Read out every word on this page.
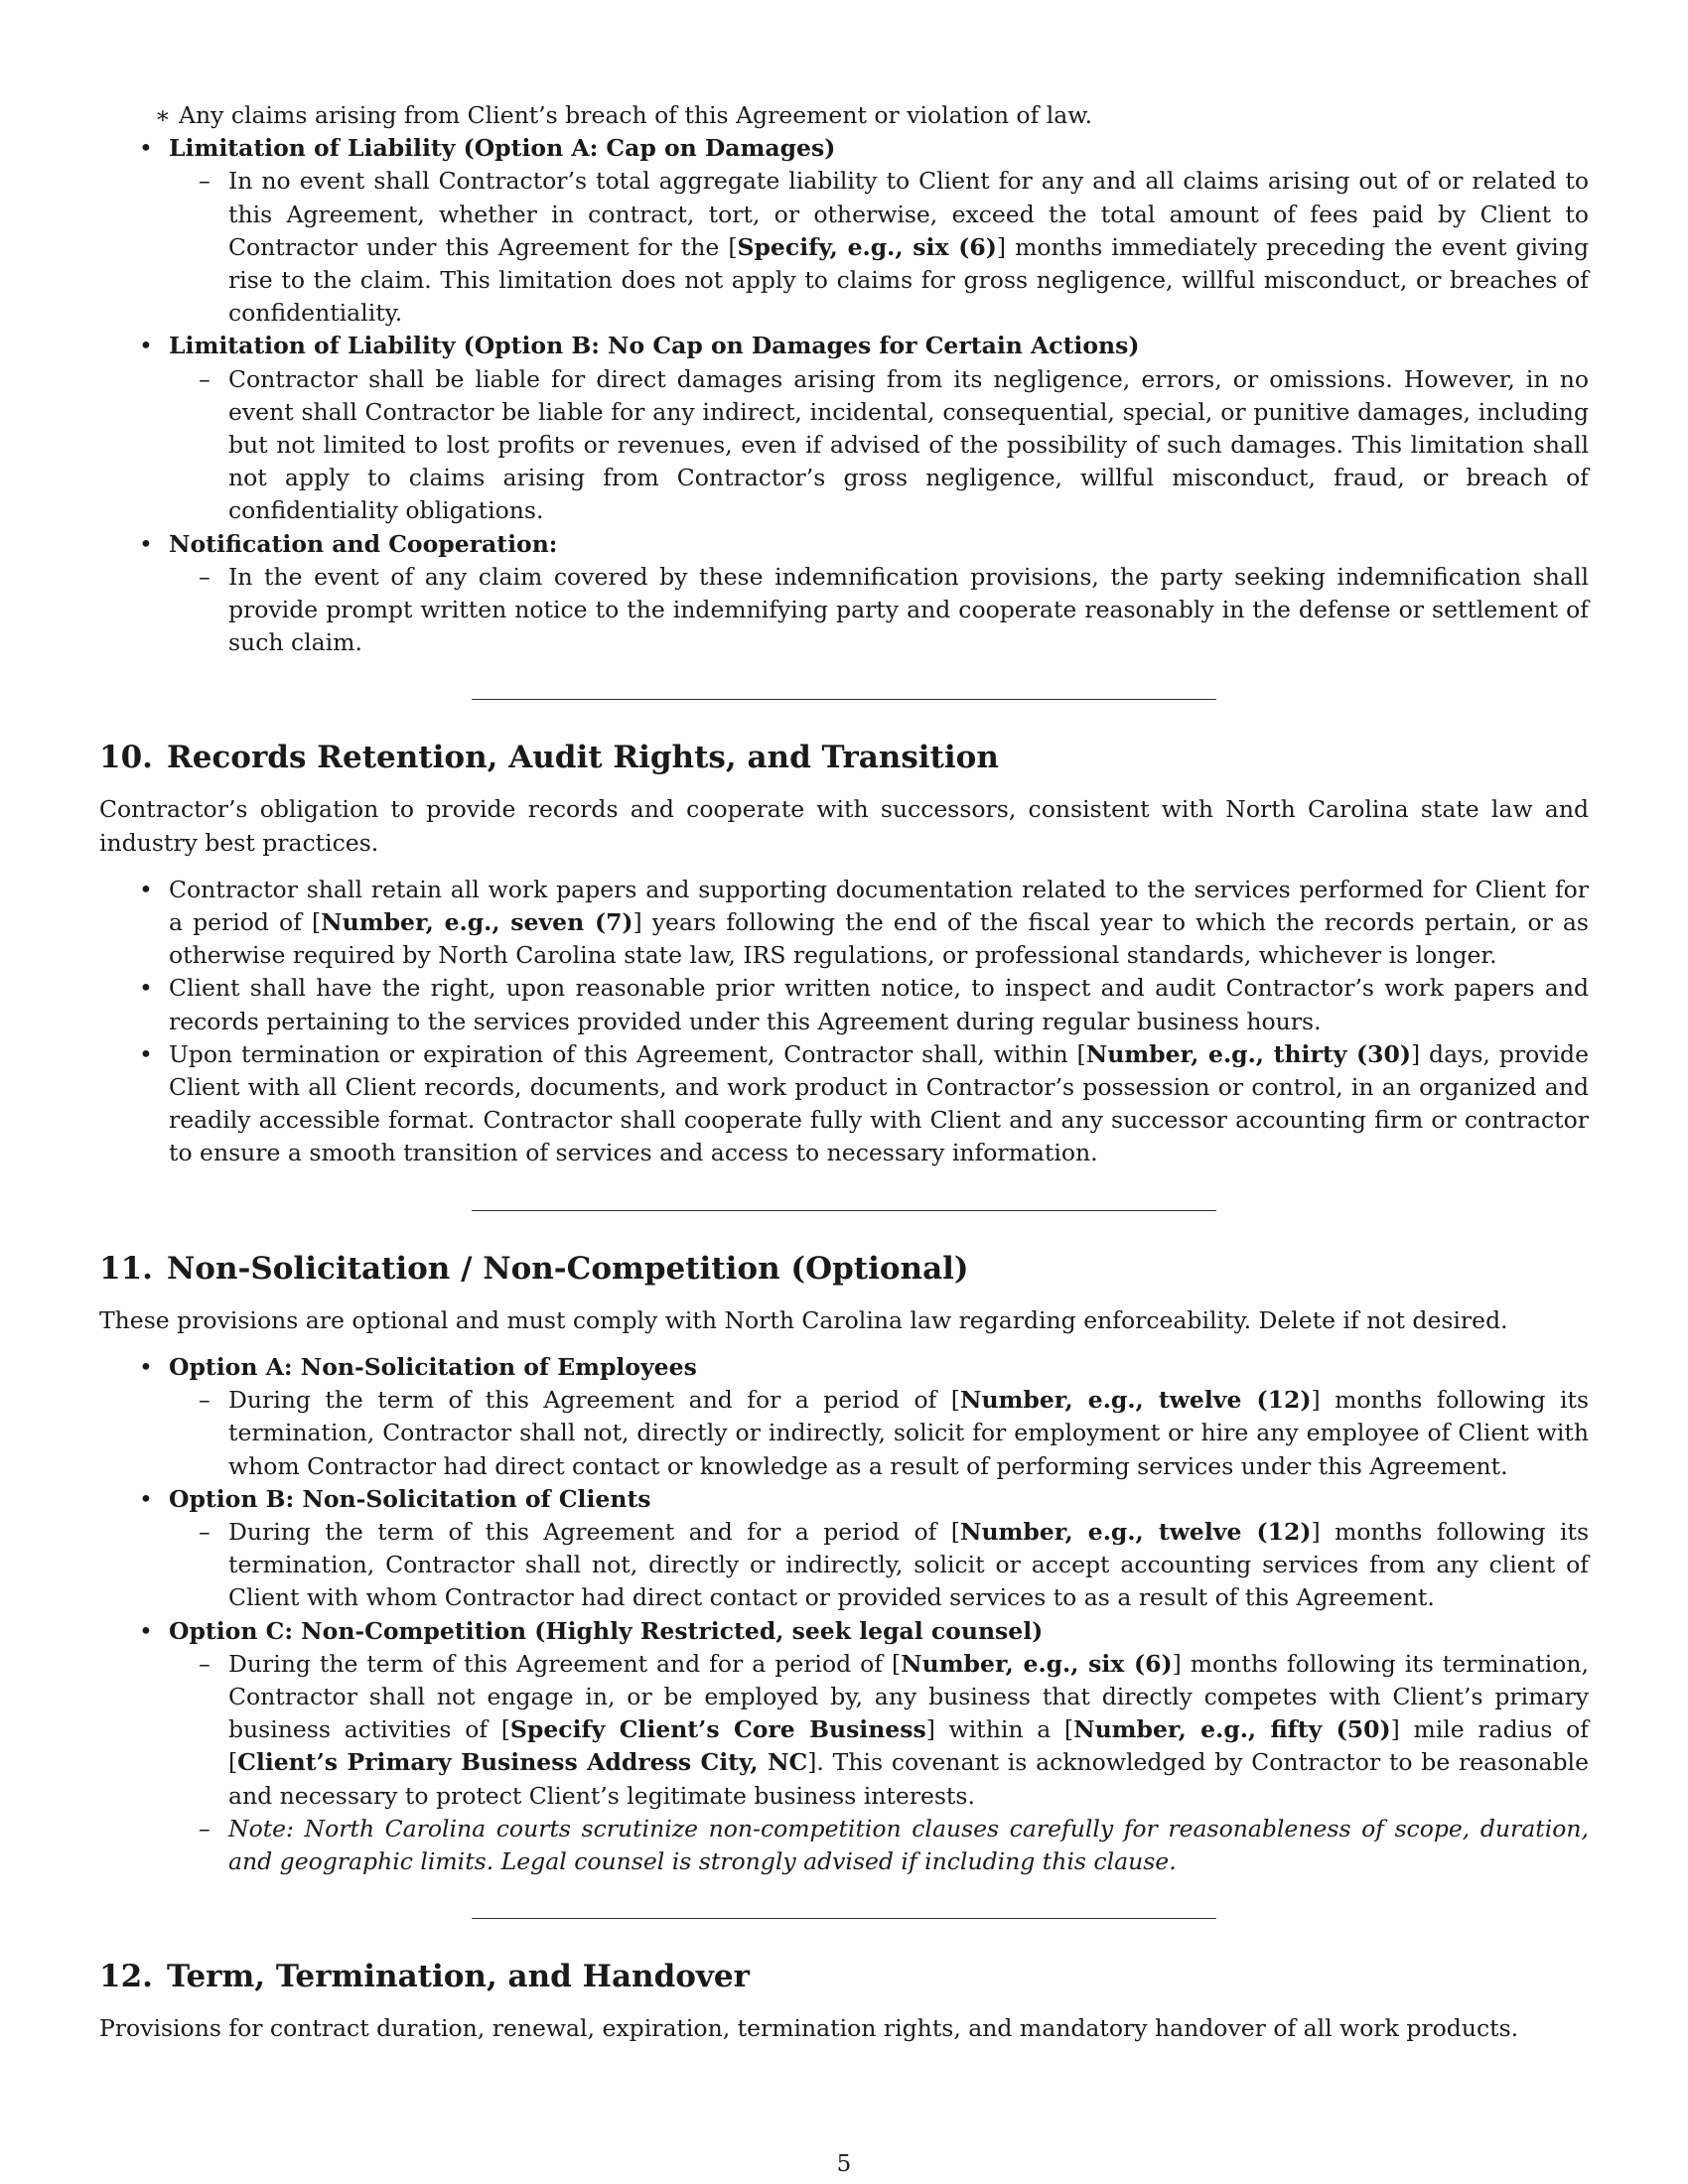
∗ Any claims arising from Client’s breach of this Agreement or violation of law.
• Limitation of Liability (Option A: Cap on Damages)
– In no event shall Contractor’s total aggregate liability to Client for any and all claims arising out of or related to this Agreement, whether in contract, tort, or otherwise, exceed the total amount of fees paid by Client to Contractor under this Agreement for the [Specify, e.g., six (6)] months immediately preceding the event giving rise to the claim. This limitation does not apply to claims for gross negligence, willful misconduct, or breaches of confidentiality.
• Limitation of Liability (Option B: No Cap on Damages for Certain Actions)
– Contractor shall be liable for direct damages arising from its negligence, errors, or omissions. However, in no event shall Contractor be liable for any indirect, incidental, consequential, special, or punitive damages, including but not limited to lost profits or revenues, even if advised of the possibility of such damages. This limitation shall not apply to claims arising from Contractor’s gross negligence, willful misconduct, fraud, or breach of confidentiality obligations.
• Notification and Cooperation:
– In the event of any claim covered by these indemnification provisions, the party seeking indemnification shall provide prompt written notice to the indemnifying party and cooperate reasonably in the defense or settlement of such claim.
10. Records Retention, Audit Rights, and Transition

Contractor’s obligation to provide records and cooperate with successors, consistent with North Carolina state law and industry best practices.

• Contractor shall retain all work papers and supporting documentation related to the services performed for Client for a period of [Number, e.g., seven (7)] years following the end of the fiscal year to which the records pertain, or as otherwise required by North Carolina state law, IRS regulations, or professional standards, whichever is longer.
• Client shall have the right, upon reasonable prior written notice, to inspect and audit Contractor’s work papers and records pertaining to the services provided under this Agreement during regular business hours.
• Upon termination or expiration of this Agreement, Contractor shall, within [Number, e.g., thirty (30)] days, provide Client with all Client records, documents, and work product in Contractor’s possession or control, in an organized and readily accessible format. Contractor shall cooperate fully with Client and any successor accounting firm or contractor to ensure a smooth transition of services and access to necessary information.
11. Non-Solicitation / Non-Competition (Optional)

These provisions are optional and must comply with North Carolina law regarding enforceability. Delete if not desired.

• Option A: Non-Solicitation of Employees
– During the term of this Agreement and for a period of [Number, e.g., twelve (12)] months following its termination, Contractor shall not, directly or indirectly, solicit for employment or hire any employee of Client with whom Contractor had direct contact or knowledge as a result of performing services under this Agreement.
• Option B: Non-Solicitation of Clients
– During the term of this Agreement and for a period of [Number, e.g., twelve (12)] months following its termination, Contractor shall not, directly or indirectly, solicit or accept accounting services from any client of Client with whom Contractor had direct contact or provided services to as a result of this Agreement.
• Option C: Non-Competition (Highly Restricted, seek legal counsel)
– During the term of this Agreement and for a period of [Number, e.g., six (6)] months following its termination, Contractor shall not engage in, or be employed by, any business that directly competes with Client’s primary business activities of [Specify Client’s Core Business] within a [Number, e.g., fifty (50)] mile radius of [Client’s Primary Business Address City, NC]. This covenant is acknowledged by Contractor to be reasonable and necessary to protect Client’s legitimate business interests.
– Note: North Carolina courts scrutinize non-competition clauses carefully for reasonableness of scope, duration, and geographic limits. Legal counsel is strongly advised if including this clause.
12. Term, Termination, and Handover

Provisions for contract duration, renewal, expiration, termination rights, and mandatory handover of all work products.

5
